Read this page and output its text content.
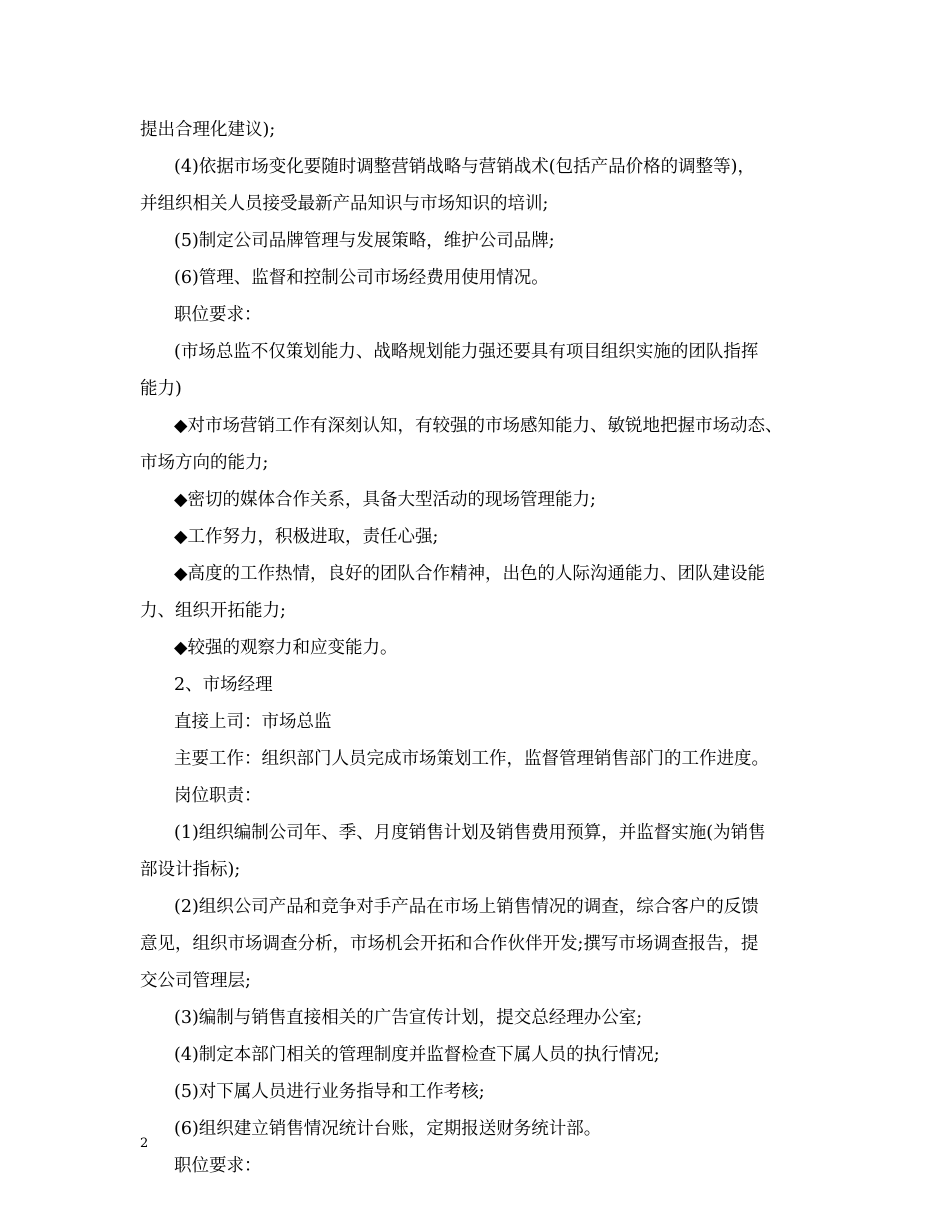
提出合理化建议);
(4)依据市场变化要随时调整营销战略与营销战术(包括产品价格的调整等)，
并组织相关人员接受最新产品知识与市场知识的培训;
(5)制定公司品牌管理与发展策略，维护公司品牌;
(6)管理、监督和控制公司市场经费用使用情况。
职位要求：
(市场总监不仅策划能力、战略规划能力强还要具有项目组织实施的团队指挥
能力)
◆对市场营销工作有深刻认知，有较强的市场感知能力、敏锐地把握市场动态、
市场方向的能力;
◆密切的媒体合作关系，具备大型活动的现场管理能力;
◆工作努力，积极进取，责任心强;
◆高度的工作热情，良好的团队合作精神，出色的人际沟通能力、团队建设能
力、组织开拓能力;
◆较强的观察力和应变能力。
2、市场经理
直接上司：市场总监
主要工作：组织部门人员完成市场策划工作，监督管理销售部门的工作进度。
岗位职责：
(1)组织编制公司年、季、月度销售计划及销售费用预算，并监督实施(为销售
部设计指标);
(2)组织公司产品和竞争对手产品在市场上销售情况的调查，综合客户的反馈
意见，组织市场调查分析，市场机会开拓和合作伙伴开发;撰写市场调查报告，提
交公司管理层;
(3)编制与销售直接相关的广告宣传计划，提交总经理办公室;
(4)制定本部门相关的管理制度并监督检查下属人员的执行情况;
(5)对下属人员进行业务指导和工作考核;
(6)组织建立销售情况统计台账，定期报送财务统计部。
职位要求：
2
